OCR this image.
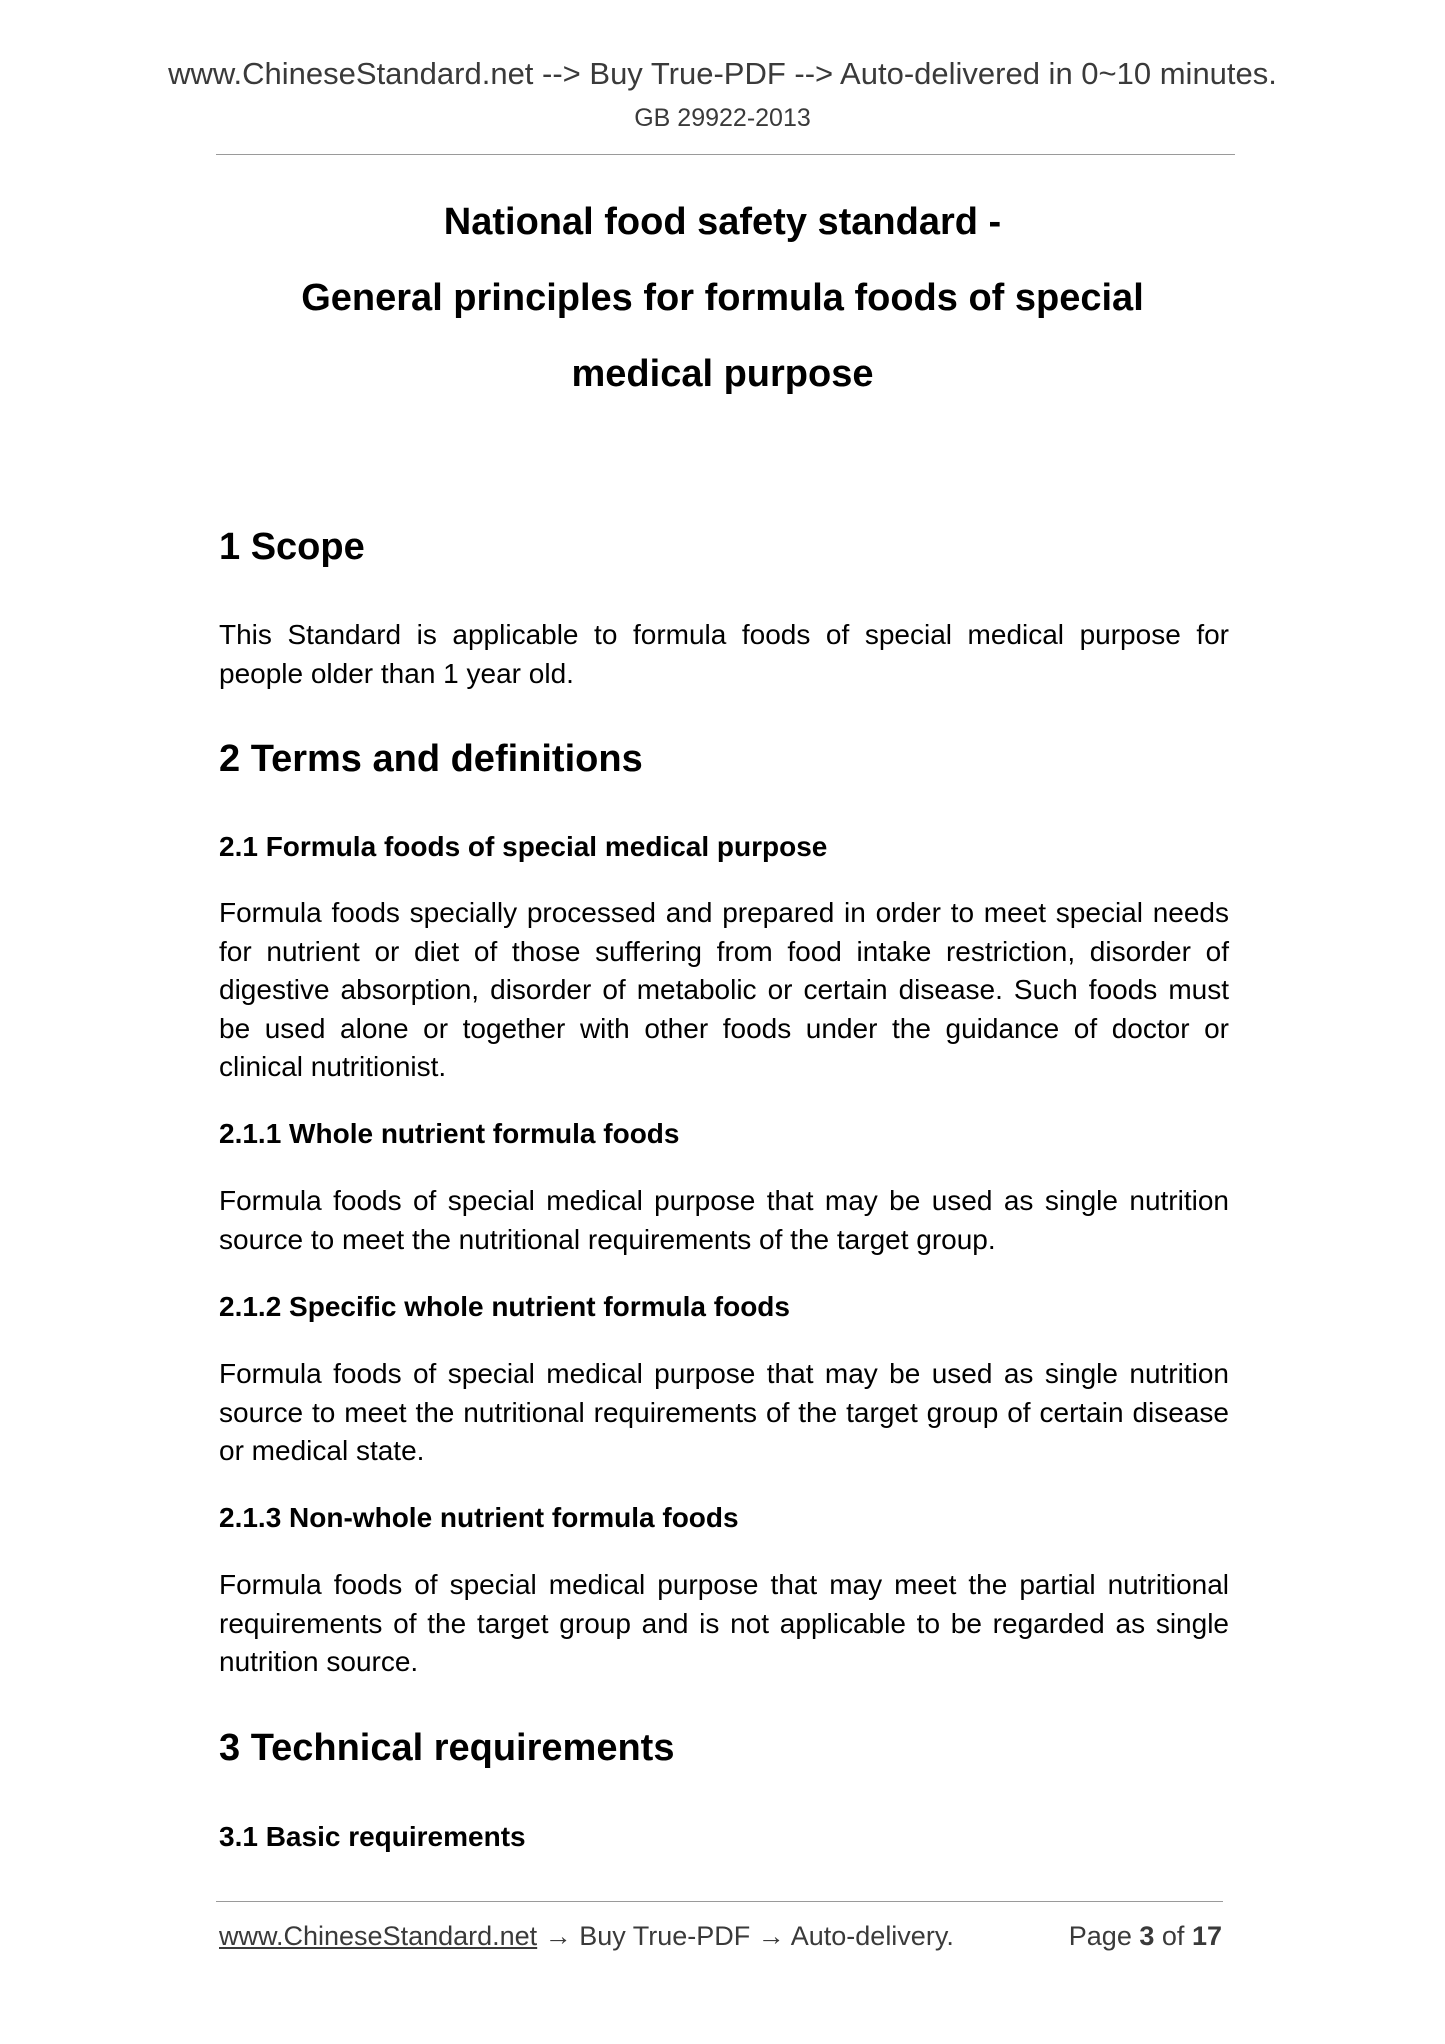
www.ChineseStandard.net --> Buy True-PDF --> Auto-delivered in 0~10 minutes.
GB 29922-2013
National food safety standard -
General principles for formula foods of special
medical purpose
1 Scope
This Standard is applicable to formula foods of special medical purpose for people older than 1 year old.
2 Terms and definitions
2.1 Formula foods of special medical purpose
Formula foods specially processed and prepared in order to meet special needs for nutrient or diet of those suffering from food intake restriction, disorder of digestive absorption, disorder of metabolic or certain disease. Such foods must be used alone or together with other foods under the guidance of doctor or clinical nutritionist.
2.1.1 Whole nutrient formula foods
Formula foods of special medical purpose that may be used as single nutrition source to meet the nutritional requirements of the target group.
2.1.2 Specific whole nutrient formula foods
Formula foods of special medical purpose that may be used as single nutrition source to meet the nutritional requirements of the target group of certain disease or medical state.
2.1.3 Non-whole nutrient formula foods
Formula foods of special medical purpose that may meet the partial nutritional requirements of the target group and is not applicable to be regarded as single nutrition source.
3 Technical requirements
3.1 Basic requirements
www.ChineseStandard.net → Buy True-PDF → Auto-delivery.	Page 3 of 17
